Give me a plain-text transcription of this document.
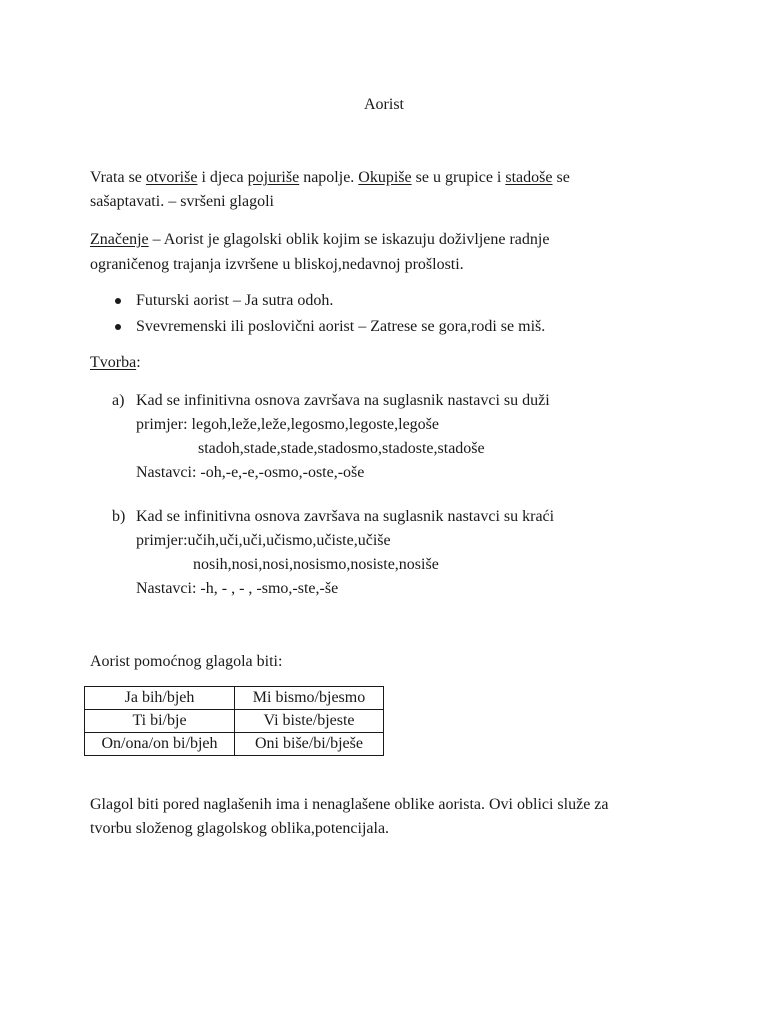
Aorist
Vrata se otvoriše i djeca pojuriše napolje. Okupiše se u grupice i stadoše se
sašaptavati. – svršeni glagoli
Značenje – Aorist je glagolski oblik kojim se iskazuju doživljene radnje
ograničenog trajanja izvršene u bliskoj,nedavnoj prošlosti.
Futurski aorist – Ja sutra odoh.
Svevremenski ili poslovični aorist – Zatrese se gora,rodi se miš.
Tvorba:
a) Kad se infinitivna osnova završava na suglasnik nastavci su duži
primjer: legoh,leže,leže,legosmo,legoste,legoše
stadoh,stade,stade,stadosmo,stadoste,stadoše
Nastavci: -oh,-e,-e,-osmo,-oste,-oše
b) Kad se infinitivna osnova završava na suglasnik nastavci su kraći
primjer:učih,uči,uči,učismo,učiste,učiše
nosih,nosi,nosi,nosismo,nosiste,nosiše
Nastavci: -h, - , - , -smo,-ste,-še
Aorist pomoćnog glagola biti:
Ja bih/bjeh	Mi bismo/bjesmo
Ti bi/bje	Vi biste/bjeste
On/ona/on bi/bjeh	Oni biše/bi/bješe
Glagol biti pored naglašenih ima i nenaglašene oblike aorista. Ovi oblici služe za
tvorbu složenog glagolskog oblika,potencijala.
